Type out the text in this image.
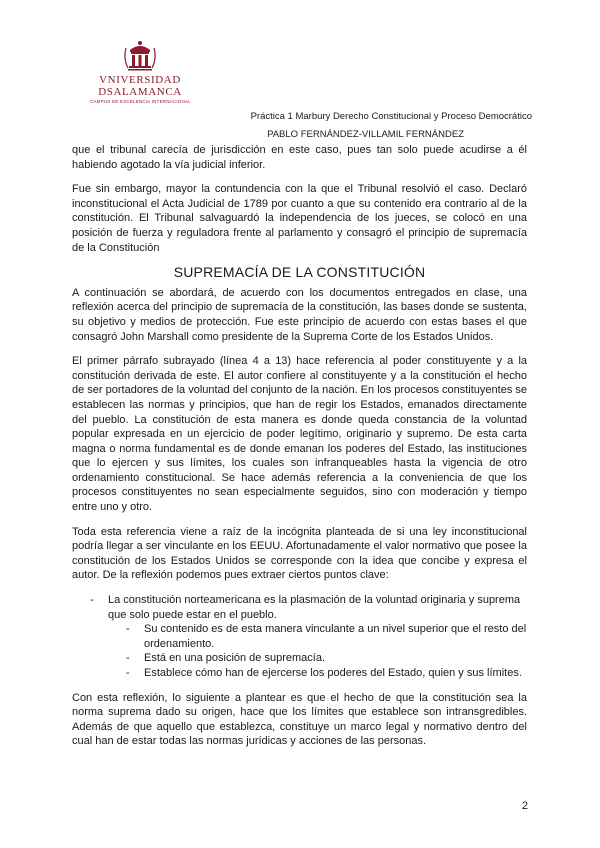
VNIVERSIDAD
DSALAMANCA
CAMPUS DE EXCELENCIA INTERNACIONAL
Práctica 1 Marbury Derecho Constitucional y Proceso Democrático
PABLO FERNÁNDEZ-VILLAMIL FERNÁNDEZ

que el tribunal carecía de jurisdicción en este caso, pues tan solo puede acudirse a él habiendo agotado la vía judicial inferior.

Fue sin embargo, mayor la contundencia con la que el Tribunal resolvió el caso. Declaró inconstitucional el Acta Judicial de 1789 por cuanto a que su contenido era contrario al de la constitución. El Tribunal salvaguardó la independencia de los jueces, se colocó en una posición de fuerza y reguladora frente al parlamento y consagró el principio de supremacía de la Constitución

SUPREMACÍA DE LA CONSTITUCIÓN

A continuación se abordará, de acuerdo con los documentos entregados en clase, una reflexión acerca del principio de supremacía de la constitución, las bases donde se sustenta, su objetivo y medios de protección. Fue este principio de acuerdo con estas bases el que consagró John Marshall como presidente de la Suprema Corte de los Estados Unidos.

El primer párrafo subrayado (línea 4 a 13) hace referencia al poder constituyente y a la constitución derivada de este. El autor confiere al constituyente y a la constitución el hecho de ser portadores de la voluntad del conjunto de la nación. En los procesos constituyentes se establecen las normas y principios, que han de regir los Estados, emanados directamente del pueblo. La constitución de esta manera es donde queda constancia de la voluntad popular expresada en un ejercicio de poder legítimo, originario y supremo. De esta carta magna o norma fundamental es de donde emanan los poderes del Estado, las instituciones que lo ejercen y sus límites, los cuales son infranqueables hasta la vigencia de otro ordenamiento constitucional. Se hace además referencia a la conveniencia de que los procesos constituyentes no sean especialmente seguidos, sino con moderación y tiempo entre uno y otro.

Toda esta referencia viene a raíz de la incógnita planteada de si una ley inconstitucional podría llegar a ser vinculante en los EEUU. Afortunadamente el valor normativo que posee la constitución de los Estados Unidos se corresponde con la idea que concibe y expresa el autor. De la reflexión podemos pues extraer ciertos puntos clave:

- La constitución norteamericana es la plasmación de la voluntad originaria y suprema que solo puede estar en el pueblo.
- Su contenido es de esta manera vinculante a un nivel superior que el resto del ordenamiento.
- Está en una posición de supremacía.
- Establece cómo han de ejercerse los poderes del Estado, quien y sus límites.

Con esta reflexión, lo siguiente a plantear es que el hecho de que la constitución sea la norma suprema dado su origen, hace que los límites que establece son intransgredibles. Además de que aquello que establezca, constituye un marco legal y normativo dentro del cual han de estar todas las normas jurídicas y acciones de las personas.

2
